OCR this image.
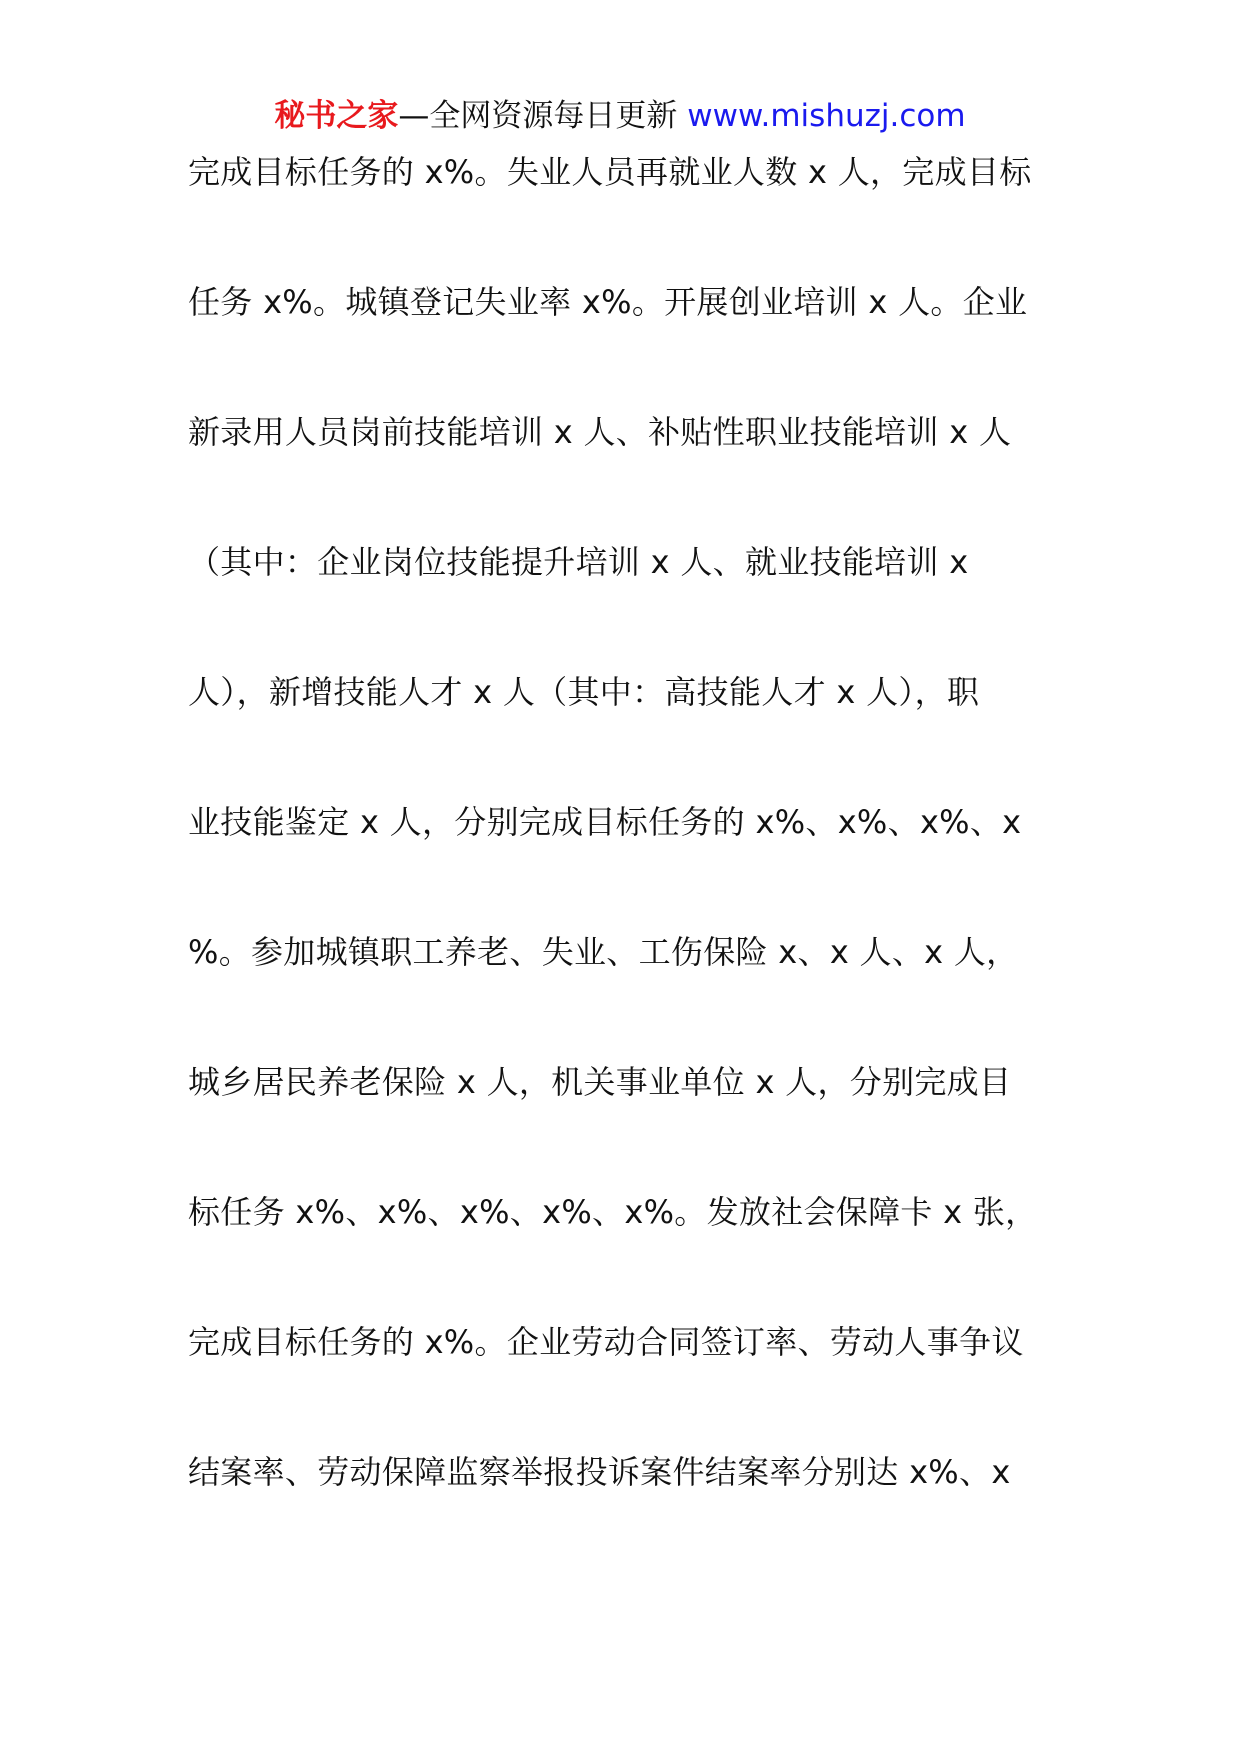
秘书之家—全网资源每日更新 www.mishuzj.com
完成目标任务的 x%。失业人员再就业人数 x 人，完成目标
任务 x%。城镇登记失业率 x%。开展创业培训 x 人。企业
新录用人员岗前技能培训 x 人、补贴性职业技能培训 x 人
（其中：企业岗位技能提升培训 x 人、就业技能培训 x
人），新增技能人才 x 人（其中：高技能人才 x 人），职
业技能鉴定 x 人，分别完成目标任务的 x%、x%、x%、x
%。参加城镇职工养老、失业、工伤保险 x、x 人、x 人，
城乡居民养老保险 x 人，机关事业单位 x 人，分别完成目
标任务 x%、x%、x%、x%、x%。发放社会保障卡 x 张，
完成目标任务的 x%。企业劳动合同签订率、劳动人事争议
结案率、劳动保障监察举报投诉案件结案率分别达 x%、x
